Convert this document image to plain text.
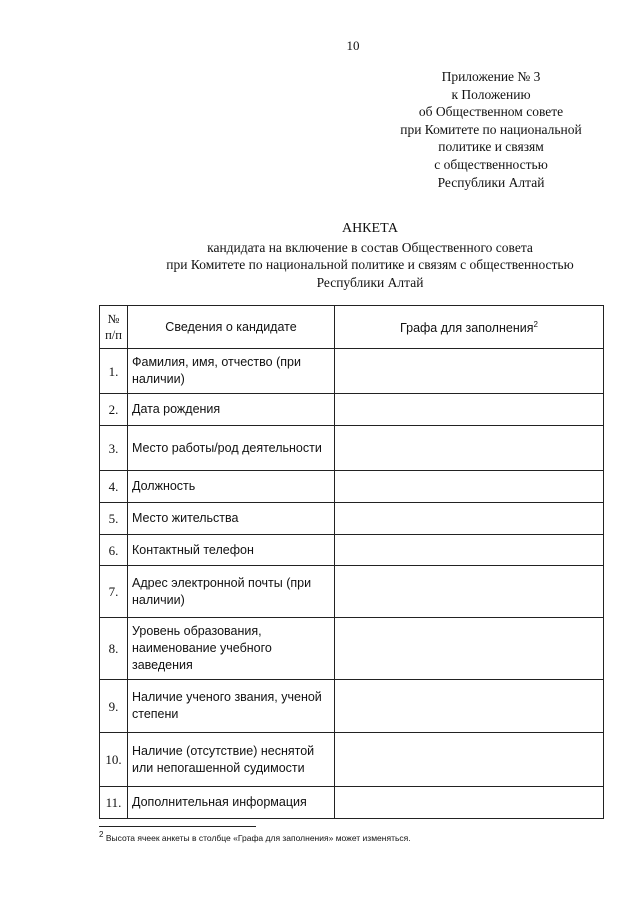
10
Приложение № 3
к Положению
об Общественном совете
при Комитете по национальной
политике и связям
с общественностью
Республики Алтай
АНКЕТА
кандидата на включение в состав Общественного совета
при Комитете по национальной политике и связям с общественностью
Республики Алтай
№
п/п	Сведения о кандидате	Графа для заполнения$^2$
1.	Фамилия, имя, отчество (при наличии)	
2.	Дата рождения	
3.	Место работы/род деятельности	
4.	Должность	
5.	Место жительства	
6.	Контактный телефон	
7.	Адрес электронной почты (при наличии)	
8.	Уровень образования, наименование учебного заведения	
9.	Наличие ученого звания, ученой степени	
10.	Наличие (отсутствие) неснятой или непогашенной судимости	
11.	Дополнительная информация	
$^2$ Высота ячеек анкеты в столбце «Графа для заполнения» может изменяться.
